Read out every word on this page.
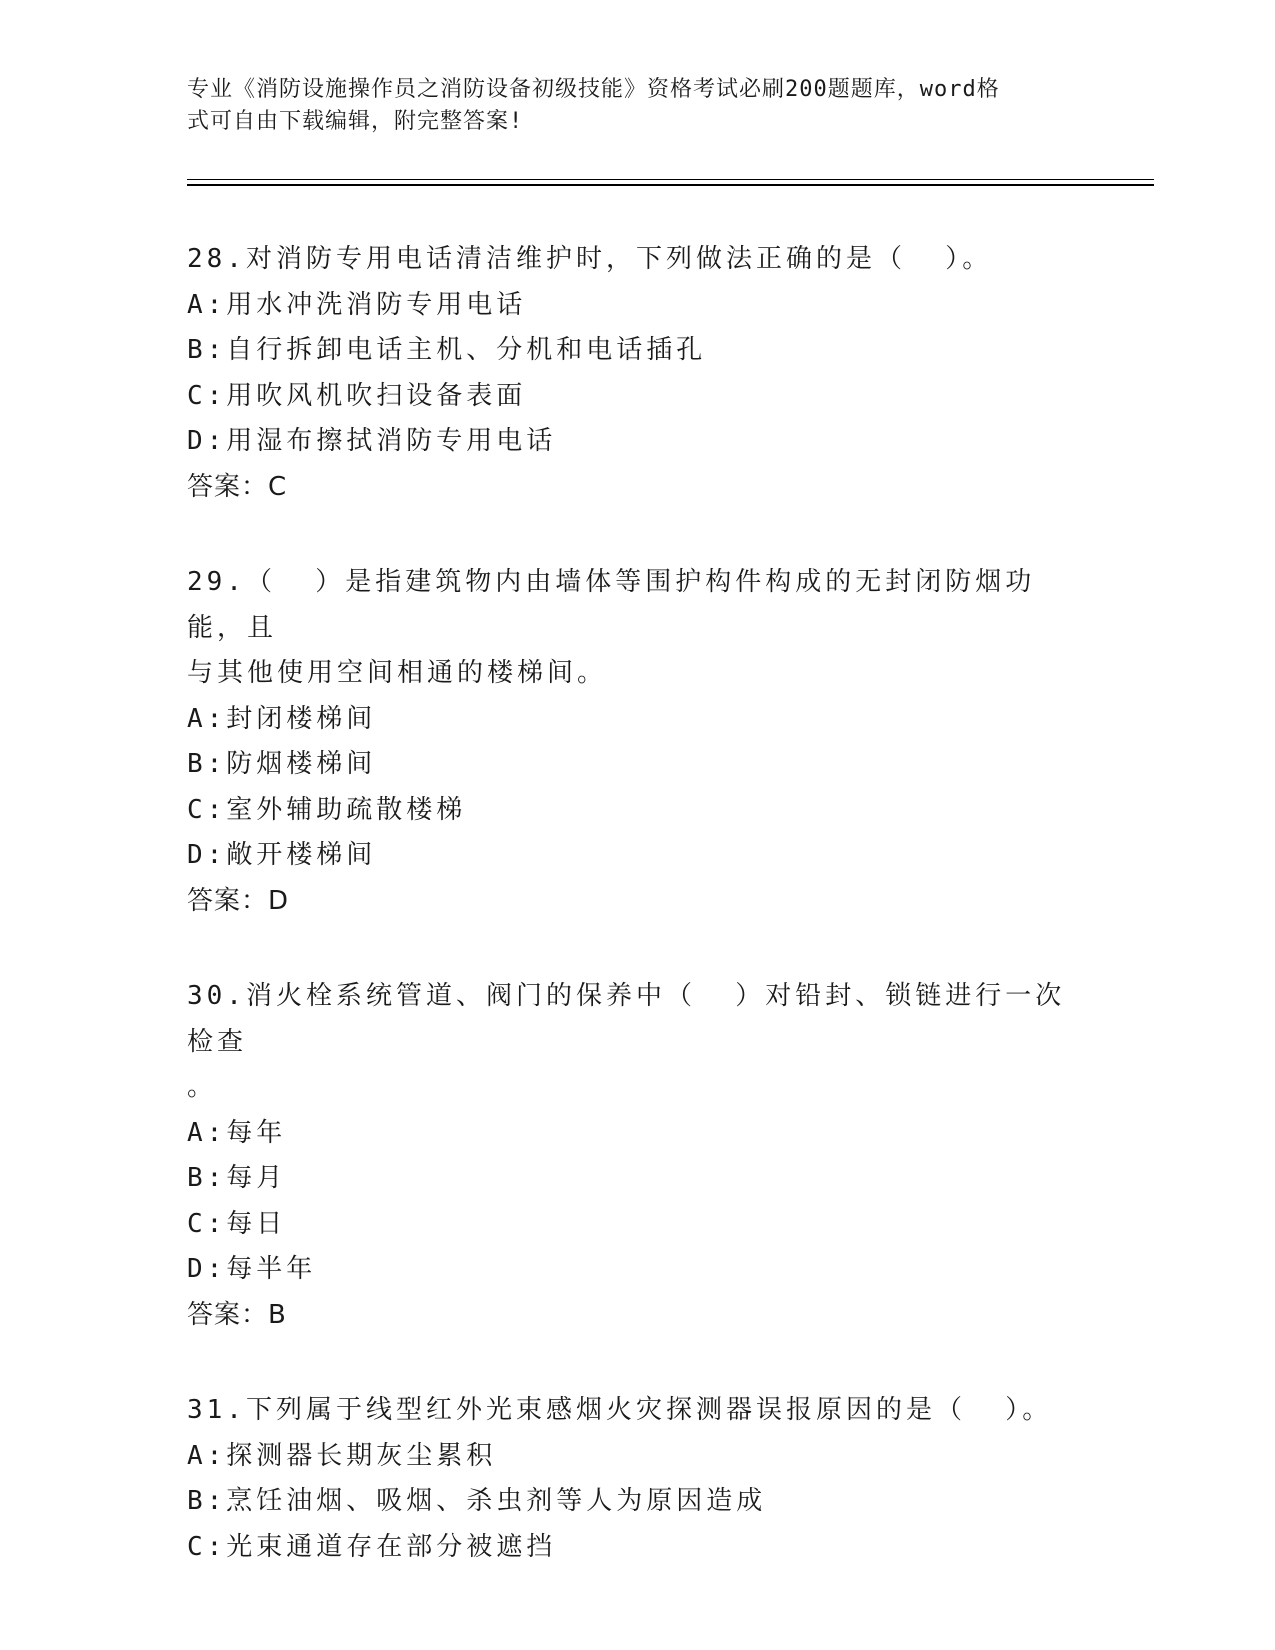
专业《消防设施操作员之消防设备初级技能》资格考试必刷200题题库，word格
式可自由下载编辑，附完整答案!
28.对消防专用电话清洁维护时，下列做法正确的是（  ）。
A:用水冲洗消防专用电话
B:自行拆卸电话主机、分机和电话插孔
C:用吹风机吹扫设备表面
D:用湿布擦拭消防专用电话
答案：C
29.（  ）是指建筑物内由墙体等围护构件构成的无封闭防烟功能，且
与其他使用空间相通的楼梯间。
A:封闭楼梯间
B:防烟楼梯间
C:室外辅助疏散楼梯
D:敞开楼梯间
答案：D
30.消火栓系统管道、阀门的保养中（  ）对铅封、锁链进行一次检查
。
A:每年
B:每月
C:每日
D:每半年
答案：B
31.下列属于线型红外光束感烟火灾探测器误报原因的是（  ）。
A:探测器长期灰尘累积
B:烹饪油烟、吸烟、杀虫剂等人为原因造成
C:光束通道存在部分被遮挡
